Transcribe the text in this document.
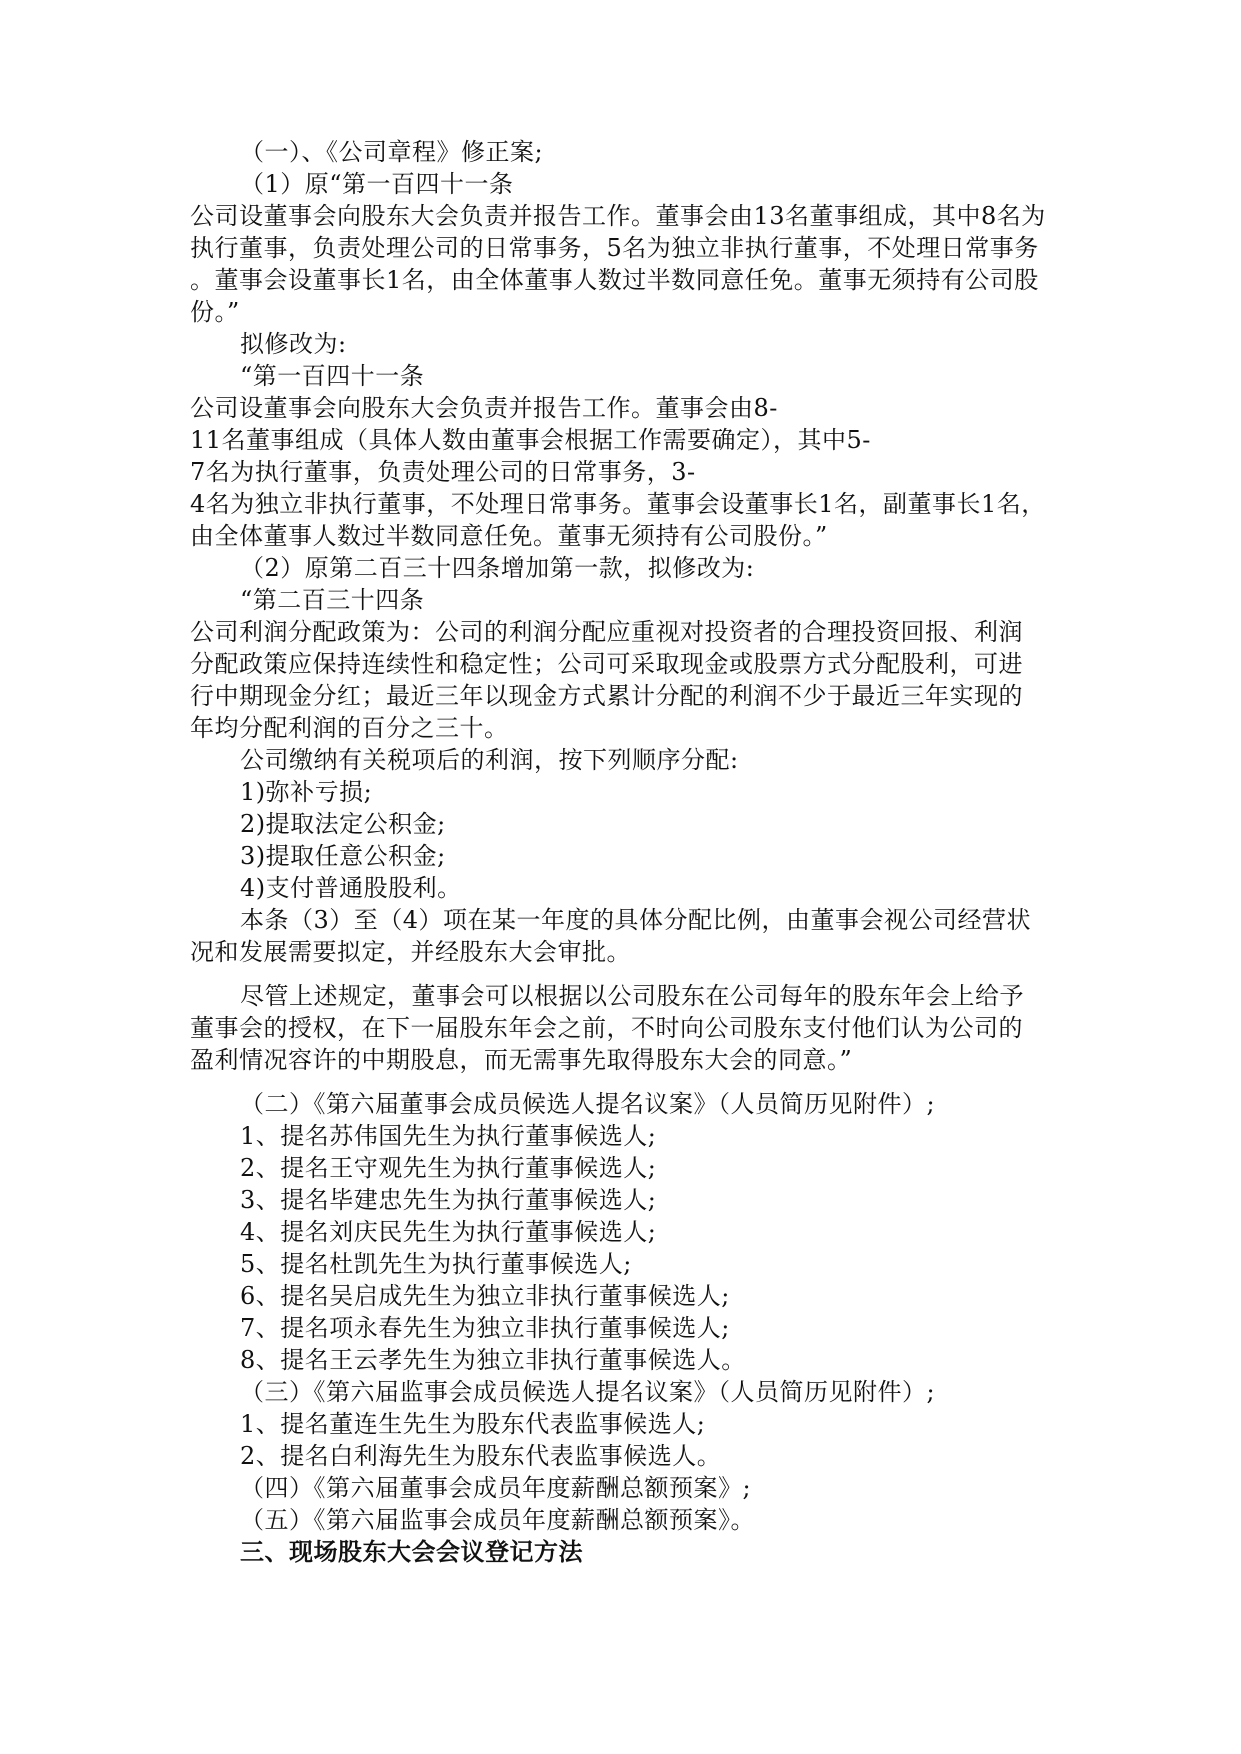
（一）、《公司章程》修正案;
（1）原“第一百四十一条
公司设董事会向股东大会负责并报告工作。董事会由13名董事组成，其中8名为
执行董事，负责处理公司的日常事务，5名为独立非执行董事，不处理日常事务
。董事会设董事长1名，由全体董事人数过半数同意任免。董事无须持有公司股
份。”
拟修改为:
“第一百四十一条
公司设董事会向股东大会负责并报告工作。董事会由8-
11名董事组成（具体人数由董事会根据工作需要确定），其中5-
7名为执行董事，负责处理公司的日常事务，3-
4名为独立非执行董事，不处理日常事务。董事会设董事长1名，副董事长1名，
由全体董事人数过半数同意任免。董事无须持有公司股份。”
（2）原第二百三十四条增加第一款，拟修改为:
“第二百三十四条
公司利润分配政策为：公司的利润分配应重视对投资者的合理投资回报、利润
分配政策应保持连续性和稳定性；公司可采取现金或股票方式分配股利，可进
行中期现金分红；最近三年以现金方式累计分配的利润不少于最近三年实现的
年均分配利润的百分之三十。
公司缴纳有关税项后的利润，按下列顺序分配:
1)弥补亏损;
2)提取法定公积金;
3)提取任意公积金;
4)支付普通股股利。
本条（3）至（4）项在某一年度的具体分配比例，由董事会视公司经营状
况和发展需要拟定，并经股东大会审批。
尽管上述规定，董事会可以根据以公司股东在公司每年的股东年会上给予
董事会的授权，在下一届股东年会之前，不时向公司股东支付他们认为公司的
盈利情况容许的中期股息，而无需事先取得股东大会的同意。”
（二）《第六届董事会成员候选人提名议案》（人员简历见附件）;
1、提名苏伟国先生为执行董事候选人;
2、提名王守观先生为执行董事候选人;
3、提名毕建忠先生为执行董事候选人;
4、提名刘庆民先生为执行董事候选人;
5、提名杜凯先生为执行董事候选人;
6、提名吴启成先生为独立非执行董事候选人;
7、提名项永春先生为独立非执行董事候选人;
8、提名王云孝先生为独立非执行董事候选人。
（三）《第六届监事会成员候选人提名议案》（人员简历见附件）;
1、提名董连生先生为股东代表监事候选人;
2、提名白利海先生为股东代表监事候选人。
（四）《第六届董事会成员年度薪酬总额预案》;
（五）《第六届监事会成员年度薪酬总额预案》。
三、现场股东大会会议登记方法
